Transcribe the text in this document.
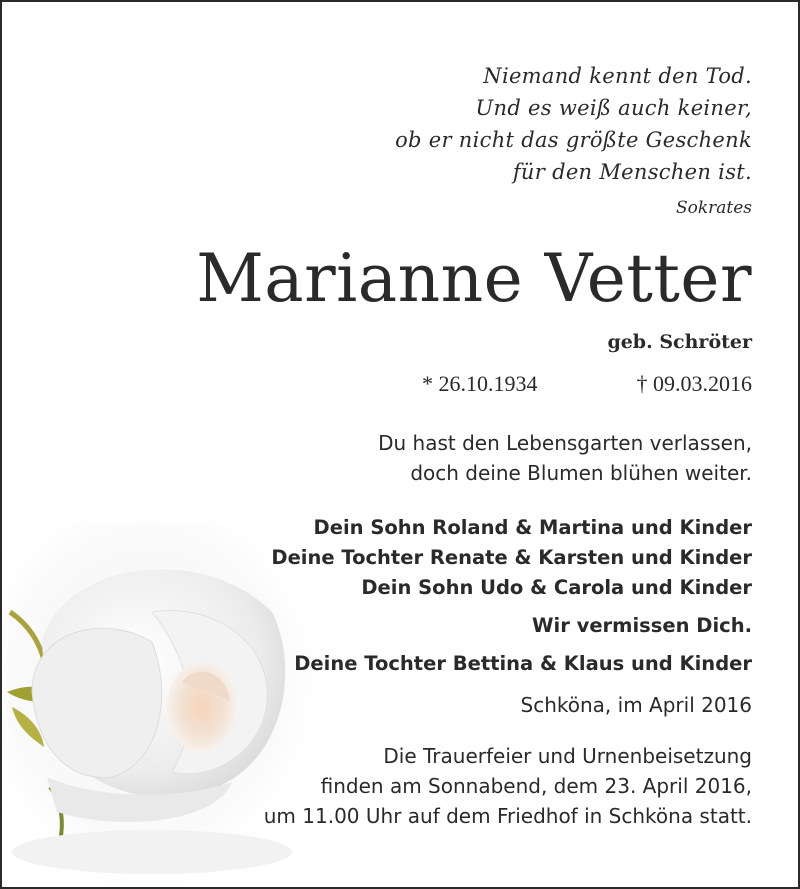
Niemand kennt den Tod.
Und es weiß auch keiner,
ob er nicht das größte Geschenk
für den Menschen ist.
Sokrates
Marianne Vetter
geb. Schröter
* 26.10.1934	† 09.03.2016
Du hast den Lebensgarten verlassen,
doch deine Blumen blühen weiter.
Dein Sohn Roland & Martina und Kinder
Deine Tochter Renate & Karsten und Kinder
Dein Sohn Udo & Carola und Kinder
Wir vermissen Dich.
Deine Tochter Bettina & Klaus und Kinder
Schköna, im April 2016
Die Trauerfeier und Urnenbeisetzung
finden am Sonnabend, dem 23. April 2016,
um 11.00 Uhr auf dem Friedhof in Schköna statt.
